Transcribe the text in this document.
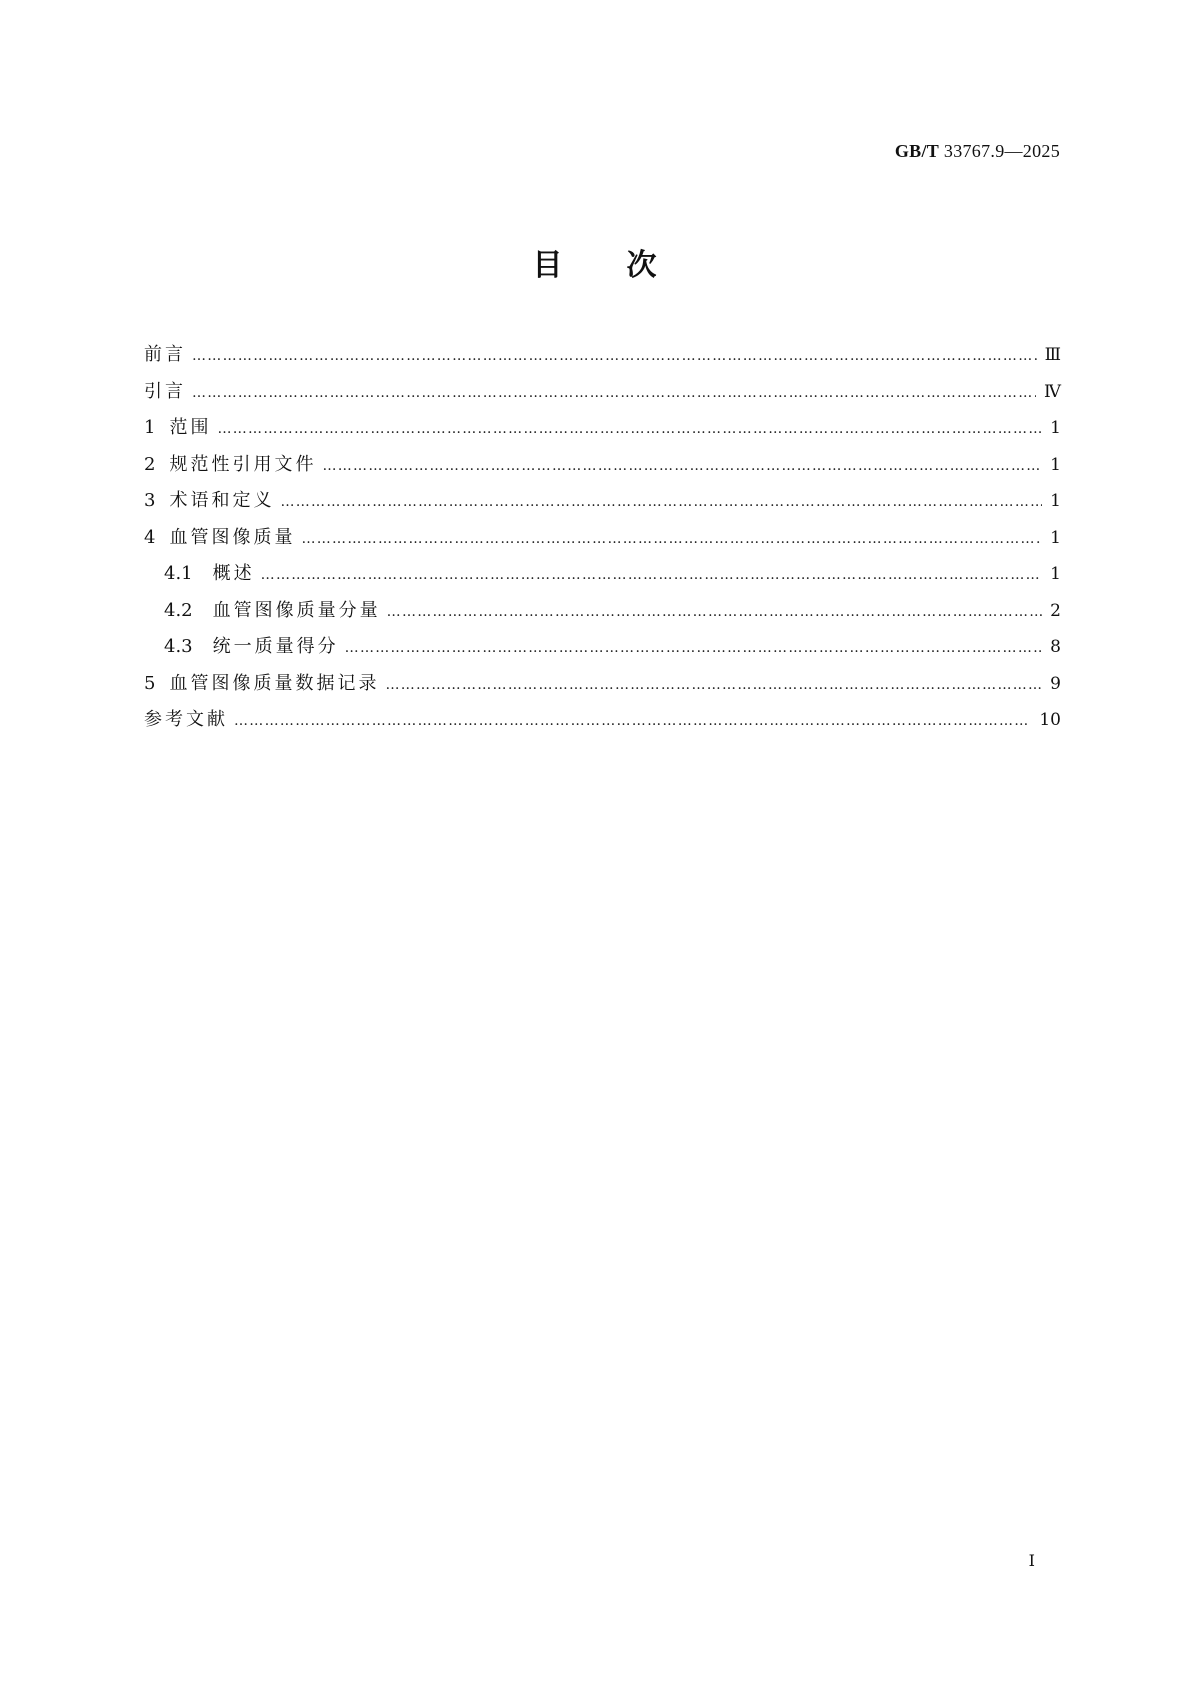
GB/T 33767.9—2025
目 次
前言 …………………………………………………………………………………………………………………………………………………………………………………………………………………………	Ⅲ
引言 …………………………………………………………………………………………………………………………………………………………………………………………………………………………	Ⅳ
1 范围 …………………………………………………………………………………………………………………………………………………………………………………………………………………………	1
2 规范性引用文件 …………………………………………………………………………………………………………………………………………………………………………………………………………………………	1
3 术语和定义 …………………………………………………………………………………………………………………………………………………………………………………………………………………………	1
4 血管图像质量 …………………………………………………………………………………………………………………………………………………………………………………………………………………………	1
4.1 概述 …………………………………………………………………………………………………………………………………………………………………………………………………………………………	1
4.2 血管图像质量分量 …………………………………………………………………………………………………………………………………………………………………………………………………………………………	2
4.3 统一质量得分 …………………………………………………………………………………………………………………………………………………………………………………………………………………………	8
5 血管图像质量数据记录 …………………………………………………………………………………………………………………………………………………………………………………………………………………………	9
参考文献 …………………………………………………………………………………………………………………………………………………………………………………………………………………………	10
Ⅰ
